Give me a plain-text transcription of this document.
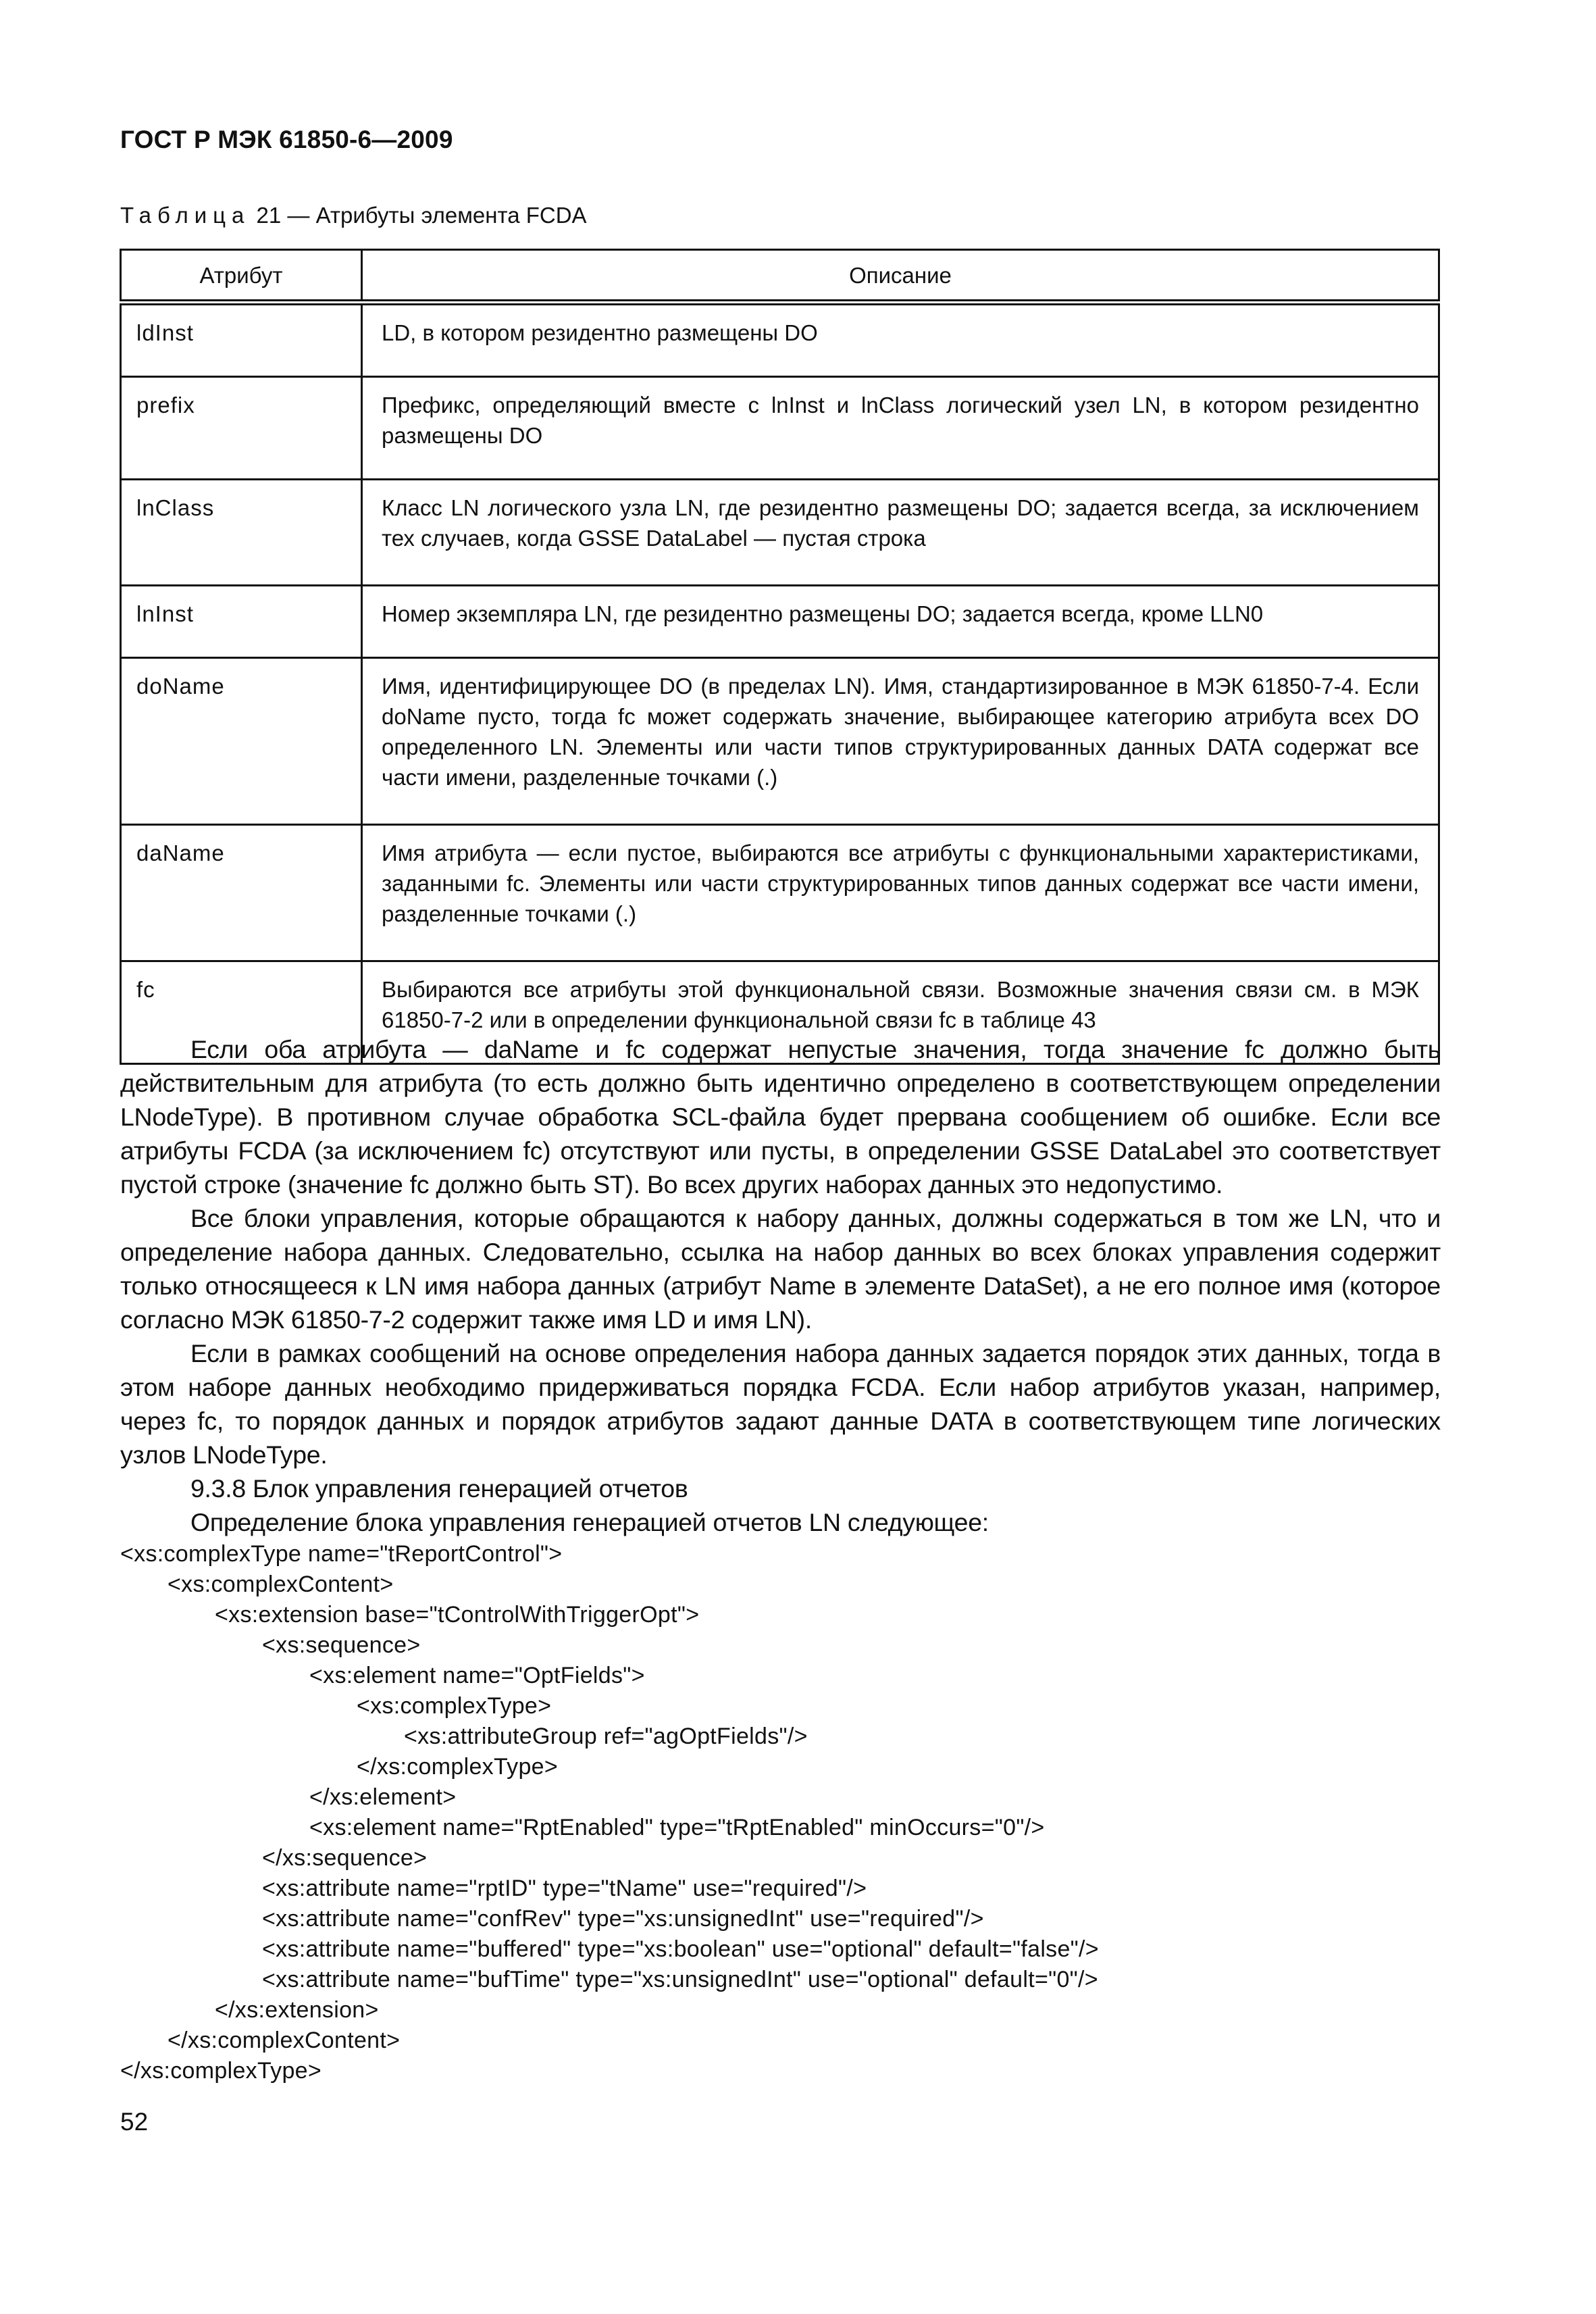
ГОСТ Р МЭК 61850-6—2009
Таблица 21 — Атрибуты элемента FCDA
Атрибут	Описание
ldInst	LD, в котором резидентно размещены DO
prefix	Префикс, определяющий вместе с lnInst и lnClass логический узел LN, в котором резидентно размещены DO
lnClass	Класс LN логического узла LN, где резидентно размещены DO; задается всегда, за исключением тех случаев, когда GSSE DataLabel — пустая строка
lnInst	Номер экземпляра LN, где резидентно размещены DO; задается всегда, кроме LLN0
doName	Имя, идентифицирующее DO (в пределах LN). Имя, стандартизированное в МЭК 61850-7-4. Если doName пусто, тогда fc может содержать значение, выбирающее категорию атрибута всех DO определенного LN. Элементы или части типов структурированных данных DATA содержат все части имени, разделенные точками (.)
daName	Имя атрибута — если пустое, выбираются все атрибуты с функциональными характеристиками, заданными fc. Элементы или части структурированных типов данных содержат все части имени, разделенные точками (.)
fc	Выбираются все атрибуты этой функциональной связи. Возможные значения связи см. в МЭК 61850-7-2 или в определении функциональной связи fc в таблице 43

Если оба атрибута — daName и fc содержат непустые значения, тогда значение fc должно быть действительным для атрибута (то есть должно быть идентично определено в соответствующем определении LNodeType). В противном случае обработка SCL-файла будет прервана сообщением об ошибке. Если все атрибуты FCDA (за исключением fc) отсутствуют или пусты, в определении GSSE DataLabel это соответствует пустой строке (значение fc должно быть ST). Во всех других наборах данных это недопустимо.

Все блоки управления, которые обращаются к набору данных, должны содержаться в том же LN, что и определение набора данных. Следовательно, ссылка на набор данных во всех блоках управления содержит только относящееся к LN имя набора данных (атрибут Name в элементе DataSet), а не его полное имя (которое согласно МЭК 61850-7-2 содержит также имя LD и имя LN).

Если в рамках сообщений на основе определения набора данных задается порядок этих данных, тогда в этом наборе данных необходимо придерживаться порядка FCDA. Если набор атрибутов указан, например, через fc, то порядок данных и порядок атрибутов задают данные DATA в соответствующем типе логических узлов LNodeType.

9.3.8 Блок управления генерацией отчетов

Определение блока управления генерацией отчетов LN следующее:

<xs:complexType name="tReportControl">
<xs:complexContent>
<xs:extension base="tControlWithTriggerOpt">
<xs:sequence>
<xs:element name="OptFields">
<xs:complexType>
<xs:attributeGroup ref="agOptFields"/>
</xs:complexType>
</xs:element>
<xs:element name="RptEnabled" type="tRptEnabled" minOccurs="0"/>
</xs:sequence>
<xs:attribute name="rptID" type="tName" use="required"/>
<xs:attribute name="confRev" type="xs:unsignedInt" use="required"/>
<xs:attribute name="buffered" type="xs:boolean" use="optional" default="false"/>
<xs:attribute name="bufTime" type="xs:unsignedInt" use="optional" default="0"/>
</xs:extension>
</xs:complexContent>
</xs:complexType>
52
